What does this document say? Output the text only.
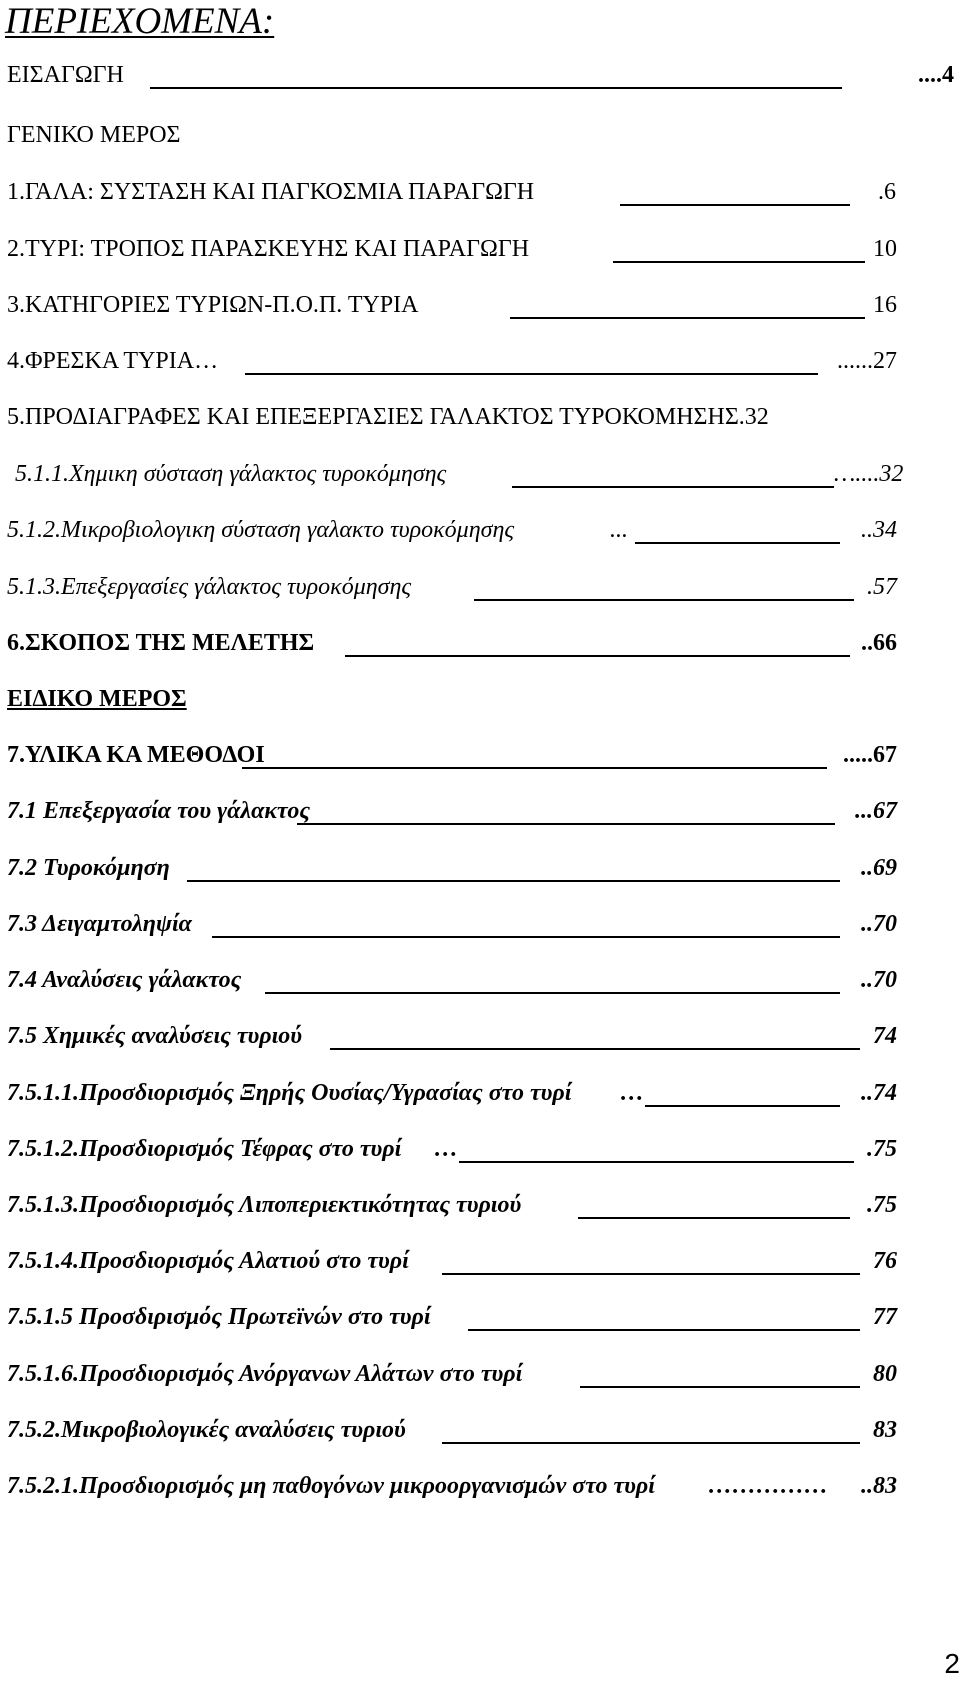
ΠΕΡΙΕΧΟΜΕΝΑ:
ΕΙΣΑΓΩΓΗ	....4
ΓΕΝΙΚΟ ΜΕΡΟΣ
1.ΓΑΛΑ: ΣΥΣΤΑΣΗ ΚΑΙ ΠΑΓΚΟΣΜΙΑ ΠΑΡΑΓΩΓΗ	.6
2.ΤΥΡΙ: ΤΡΟΠΟΣ ΠΑΡΑΣΚΕΥΗΣ ΚΑΙ ΠΑΡΑΓΩΓΗ	10
3.ΚΑΤΗΓΟΡΙΕΣ ΤΥΡΙΩΝ-Π.Ο.Π. ΤΥΡΙΑ	16
4.ΦΡΕΣΚΑ ΤΥΡΙΑ…	......27
5.ΠΡΟΔΙΑΓΡΑΦΕΣ ΚΑΙ ΕΠΕΞΕΡΓΑΣΙΕΣ ΓΑΛΑΚΤΟΣ ΤΥΡΟΚΟΜΗΣΗΣ.32
5.1.1.Χημικη σύσταση γάλακτος τυροκόμησης	…....32
5.1.2.Μικροβιολογικη σύσταση γαλακτο τυροκόμησης	...	..34
5.1.3.Επεξεργασίες γάλακτος τυροκόμησης	.57
6.ΣΚΟΠΟΣ ΤΗΣ ΜΕΛΕΤΗΣ	..66
ΕΙΔΙΚΟ ΜΕΡΟΣ
7.ΥΛΙΚΑ ΚΑ ΜΕΘΟΔΟΙ	.....67
7.1 Επεξεργασία του γάλακτος	...67
7.2 Τυροκόμηση	..69
7.3 Δειγαμτοληψία	..70
7.4 Αναλύσεις γάλακτος	..70
7.5 Χημικές αναλύσεις τυριού	74
7.5.1.1.Προσδιορισμός Ξηρής Ουσίας/Υγρασίας στο τυρί …	..74
7.5.1.2.Προσδιορισμός Τέφρας στο τυρί …	.75
7.5.1.3.Προσδιορισμός Λιποπεριεκτικότητας τυριού	.75
7.5.1.4.Προσδιορισμός Αλατιού στο τυρί	76
7.5.1.5 Προσδιρισμός Πρωτεϊνών στο τυρί	77
7.5.1.6.Προσδιορισμός Ανόργανων Αλάτων στο τυρί	80
7.5.2.Μικροβιολογικές αναλύσεις τυριού	83
7.5.2.1.Προσδιορισμός μη παθογόνων μικροοργανισμών στο τυρί ……………	..83
2
